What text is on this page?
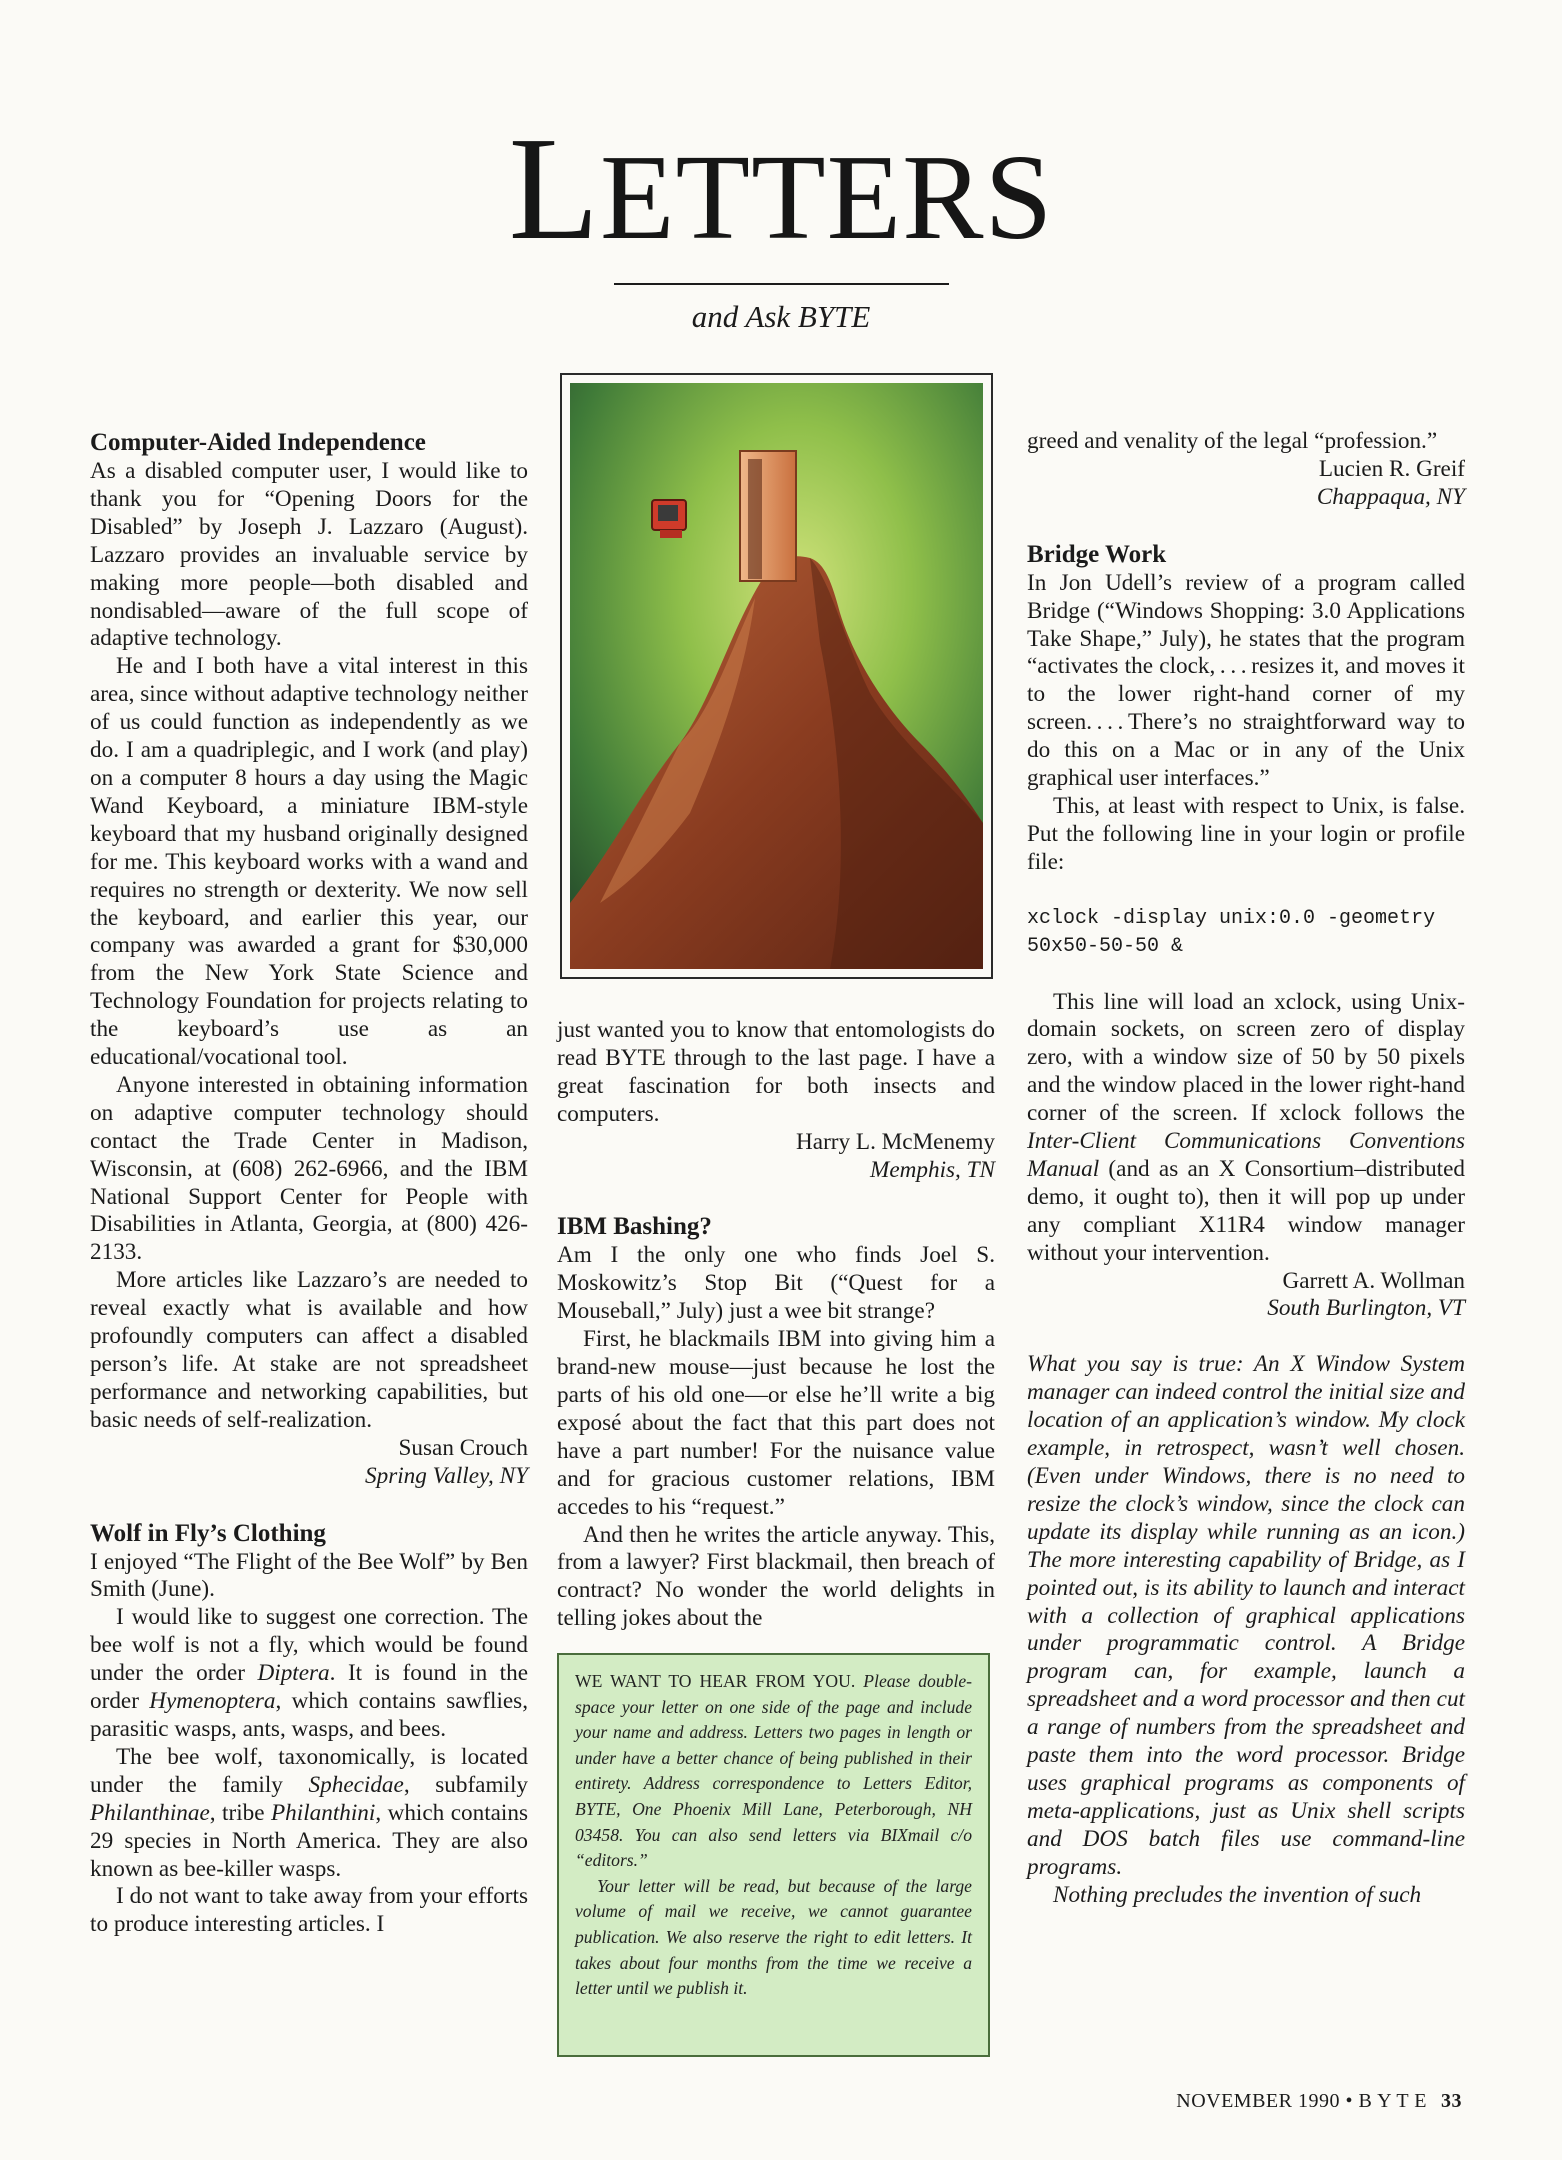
LETTERS
and Ask BYTE

Computer-Aided Independence

As a disabled computer user, I would like to thank you for “Opening Doors for the Disabled” by Joseph J. Lazzaro (August). Lazzaro provides an invaluable service by making more people—both disabled and nondisabled—aware of the full scope of adaptive technology.

He and I both have a vital interest in this area, since without adaptive technology neither of us could function as independently as we do. I am a quadriplegic, and I work (and play) on a computer 8 hours a day using the Magic Wand Keyboard, a miniature IBM-style keyboard that my husband originally designed for me. This keyboard works with a wand and requires no strength or dexterity. We now sell the keyboard, and earlier this year, our company was awarded a grant for $30,000 from the New York State Science and Technology Foundation for projects relating to the keyboard’s use as an educational/vocational tool.

Anyone interested in obtaining information on adaptive computer technology should contact the Trade Center in Madison, Wisconsin, at (608) 262-6966, and the IBM National Support Center for People with Disabilities in Atlanta, Georgia, at (800) 426-2133.

More articles like Lazzaro’s are needed to reveal exactly what is available and how profoundly computers can affect a disabled person’s life. At stake are not spreadsheet performance and networking capabilities, but basic needs of self-realization.

Susan Crouch

Spring Valley, NY

Wolf in Fly’s Clothing

I enjoyed “The Flight of the Bee Wolf” by Ben Smith (June).

I would like to suggest one correction. The bee wolf is not a fly, which would be found under the order Diptera. It is found in the order Hymenoptera, which contains sawflies, parasitic wasps, ants, wasps, and bees.

The bee wolf, taxonomically, is located under the family Sphecidae, subfamily Philanthinae, tribe Philanthini, which contains 29 species in North America. They are also known as bee-killer wasps.

I do not want to take away from your efforts to produce interesting articles. I

just wanted you to know that entomologists do read BYTE through to the last page. I have a great fascination for both insects and computers.

Harry L. McMenemy

Memphis, TN

IBM Bashing?

Am I the only one who finds Joel S. Moskowitz’s Stop Bit (“Quest for a Mouseball,” July) just a wee bit strange?

First, he blackmails IBM into giving him a brand-new mouse—just because he lost the parts of his old one—or else he’ll write a big exposé about the fact that this part does not have a part number! For the nuisance value and for gracious customer relations, IBM accedes to his “request.”

And then he writes the article anyway. This, from a lawyer? First blackmail, then breach of contract? No wonder the world delights in telling jokes about the

WE WANT TO HEAR FROM YOU. Please double-space your letter on one side of the page and include your name and address. Letters two pages in length or under have a better chance of being published in their entirety. Address correspondence to Letters Editor, BYTE, One Phoenix Mill Lane, Peterborough, NH 03458. You can also send letters via BIXmail c/o “editors.”

Your letter will be read, but because of the large volume of mail we receive, we cannot guarantee publication. We also reserve the right to edit letters. It takes about four months from the time we receive a letter until we publish it.

greed and venality of the legal “profession.”

Lucien R. Greif

Chappaqua, NY

Bridge Work

In Jon Udell’s review of a program called Bridge (“Windows Shopping: 3.0 Applications Take Shape,” July), he states that the program “activates the clock, . . . resizes it, and moves it to the lower right-hand corner of my screen. . . . There’s no straightforward way to do this on a Mac or in any of the Unix graphical user interfaces.”

This, at least with respect to Unix, is false. Put the following line in your login or profile file:

xclock -display unix:0.0 -geometry

50x50-50-50 &

This line will load an xclock, using Unix-domain sockets, on screen zero of display zero, with a window size of 50 by 50 pixels and the window placed in the lower right-hand corner of the screen. If xclock follows the Inter-Client Communications Conventions Manual (and as an X Consortium–distributed demo, it ought to), then it will pop up under any compliant X11R4 window manager without your intervention.

Garrett A. Wollman

South Burlington, VT

What you say is true: An X Window System manager can indeed control the initial size and location of an application’s window. My clock example, in retrospect, wasn’t well chosen. (Even under Windows, there is no need to resize the clock’s window, since the clock can update its display while running as an icon.) The more interesting capability of Bridge, as I pointed out, is its ability to launch and interact with a collection of graphical applications under programmatic control. A Bridge program can, for example, launch a spreadsheet and a word processor and then cut a range of numbers from the spreadsheet and paste them into the word processor. Bridge uses graphical programs as components of meta-applications, just as Unix shell scripts and DOS batch files use command-line programs.

Nothing precludes the invention of such

NOVEMBER 1990 • B Y T E 33
